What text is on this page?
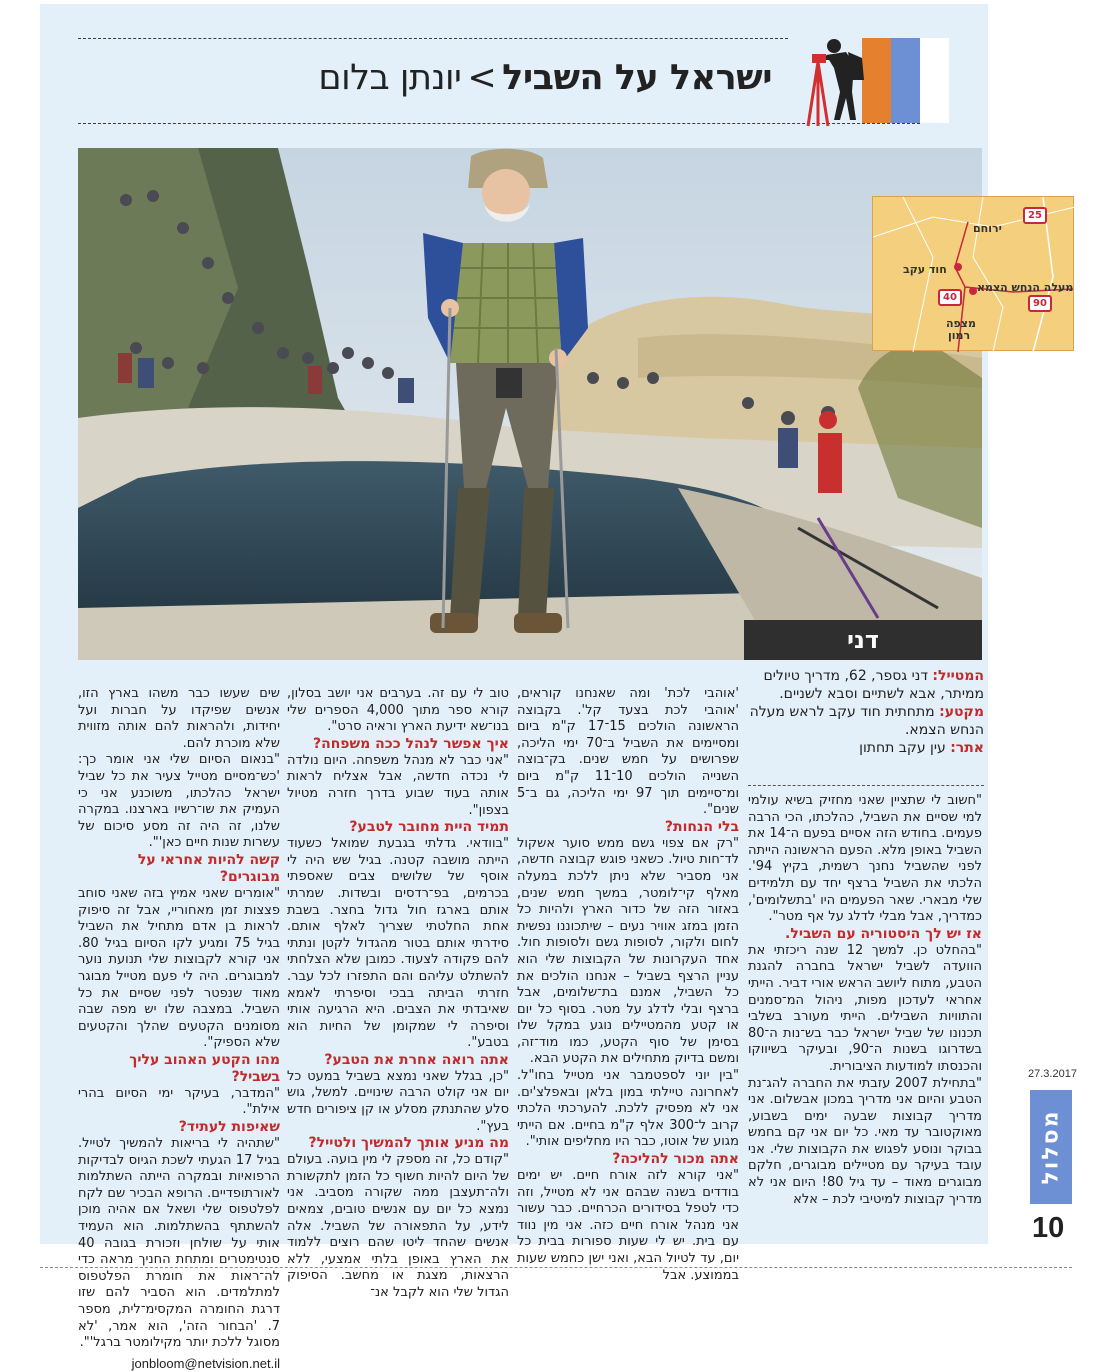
ישראל על השביל>יונתן בלום
25
ירוחם
חוד עקב
מעלה הנחש הצמא
40
90
מצפה
רמון
דני

המטייל: דני גספר, 62, מדריך טיולים ממיתר, אבא לשתיים וסבא לשניים.

מקטע: מתחתית חוד עקב לראש מעלה הנחש הצמא.

אתר: עין עקב תחתון

"חשוב לי שתציין שאני מחזיק בשיא עולמי למי שסיים את השביל, כהלכתו, הכי הרבה פעמים. בחודש הזה אסיים בפעם ה־14 את השביל באופן מלא. הפעם הראשונה הייתה לפני שהשביל נחנך רשמית, בקיץ 94'. הלכתי את השביל ברצף יחד עם תלמידים שלי מבארי. שאר הפעמים היו 'בתשלומים', כמדריך, אבל מבלי לדלג על אף מטר".

אז יש לך היסטוריה עם השביל.

"בהחלט כן. למשך 12 שנה ריכזתי את הוועדה לשביל ישראל בחברה להגנת הטבע, מתוח ליושב הראש אורי דביר. הייתי אחראי לעדכון מפות, ניהול המ־סמנים והתוויות השבילים. הייתי מעורב בשלבי תכנונו של שביל ישראל כבר בש־נות ה־80 בשדרוגו בשנות ה־90, ובעיקר בשיווקו והכנסתו למודעות הציבורית.

"בתחילת 2007 עזבתי את החברה להג־נת הטבע והיום אני מדריך במכון אבשלום. אני מדריך קבוצות שבעה ימים בשבוע, מאוקטובר עד מאי. כל יום אני קם בחמש בבוקר ונוסע לפגוש את הקבוצות שלי. אני עובד בעיקר עם מטיילים מבוגרים, חלקם מבוגרים מאוד – עד גיל 80! היום אני לא מדריך קבוצות למיטיבי לכת – אלא

'אוהבי לכת' ומה שאנחנו קוראים, 'אוהבי לכת בצעד קל'. בקבוצה הראשונה הולכים 15־17 ק"מ ביום ומסיימים את השביל ב־70 ימי הליכה, שפרושים על חמש שנים. בק־בוצה השנייה הולכים 10־11 ק"מ ביום ומ־סיימים תוך 97 ימי הליכה, גם ב־5 שנים".

בלי הנחות?

"רק אם צפוי גשם ממש סוער אשקול לד־חות טיול. כשאני פוגש קבוצה חדשה, אני מסביר שלא ניתן ללכת במעלה מאלף קי־לומטר, במשך חמש שנים, באזור הזה של כדור הארץ ולהיות כל הזמן במזג אוויר נעים – שיתכוננו נפשית לחום ולקור, לסופות גשם ולסופות חול. אחד העקרונות של הקבוצות שלי הוא עניין הרצף בשביל – אנחנו הולכים את כל השביל, אמנם בת־שלומים, אבל ברצף ובלי לדלג על מטר. בסוף כל יום או קטע מהמטיילים נוגע במקל שלו בסימן של סוף הקטע, כמו מוד־זה, ומשם בדיוק מתחילים את הקטע הבא.

"בין יוני לספטמבר אני מטייל בחו"ל. לאחרונה טיילתי במון בלאן ובאפלצ'ים. אני לא מפסיק ללכת. להערכתי הלכתי קרוב ל־300 אלף ק"מ בחיים. אם הייתי מגוע של אוטו, כבר היו מחליפים אותי".

אתה מכור להליכה?

"אני קורא לזה אורח חיים. יש ימים בודדים בשנה שבהם אני לא מטייל, וזה כדי לטפל בסידורים הכרחיים. כבר עשור אני מנהל אורח חיים כזה. אני מין נווד עם בית. יש לי שעות ספורות בבית כל יום, עד לטיול הבא, ואני ישן כחמש שעות בממוצע. אבל

טוב לי עם זה. בערבים אני יושב בסלון, קורא ספר מתוך 4,000 הספרים שלי בנו־שא ידיעת הארץ וראיה סרט".

איך אפשר לנהל ככה משפחה?

"אני כבר לא מנהל משפחה. היום נולדה לי נכדה חדשה, אבל אצליח לראות אותה בעוד שבוע בדרך חזרה מטיול בצפון".

תמיד היית מחובר לטבע?

"בוודאי. גדלתי בגבעת שמואל כשעוד הייתה מושבה קטנה. בגיל שש היה לי אוסף של שלושים צבים שאספתי בכרמים, בפ־רדסים ובשדות. שמרתי אותם בארגז חול גדול בחצר. בשבת אחת החלטתי שצריך לאלף אותם. סידרתי אותם בטור מהגדול לקטן ונתתי להם פקודה לצעוד. כמובן שלא הצלחתי להשתלט עליהם והם התפזרו לכל עבר. חזרתי הביתה בבכי וסיפרתי לאמא שאיבדתי את הצבים. היא הרגיעה אותי וסיפרה לי שמקומן של החיות הוא בטבע".

אתה רואה אחרת את הטבע?

"כן, בגלל שאני נמצא בשביל במעט כל יום אני קולט הרבה שינויים. למשל, גוש סלע שהתנתק מסלע או קן ציפורים חדש בעץ".

מה מניע אותך להמשיך ולטייל?

"קודם כל, זה מספק לי מין בועה. בעולם של היום להיות חשוף כל הזמן לתקשורת ולה־תעצבן ממה שקורה מסביב. אני נמצא כל יום עם אנשים טובים, צמאים לידע, על התפאורה של השביל. אלה אנשים שהחד ליטו שהם רוצים ללמוד את הארץ באופן בלתי אמצעי, ללא הרצאות, מצגת או מחשב. הסיפוק הגדול שלי הוא לקבל אנ־

שים שעשו כבר משהו בארץ הזו, אנשים שפיקדו על חברות ועל יחידות, ולהראות להם אותה מזווית שלא מוכרת להם.

"בנאום הסיום שלי אני אומר כך: 'כש־מסיים מטייל צעיר את כל שביל ישראל כהלכתו, משוכנע אני כי העמיק את שו־רשיו בארצנו. במקרה שלנו, זה היה זה מסע סיכום של עשרות שנות חיים כאן'".

קשה להיות אחראי על מבוגרים?

"אומרים שאני אמיץ בזה שאני סוחב פצצות זמן מאחוריי, אבל זה סיפוק לראות בן אדם מתחיל את השביל בגיל 75 ומגיע לקו הסיום בגיל 80. אני קורא לקבוצות שלי תנועת נוער למבוגרים. היה לי פעם מטייל מבוגר מאוד שנפטר לפני שסיים את כל השביל. במצבה שלו יש מפה שבה מסומנים הקטעים שהלך והקטעים שלא הספיק".

מהו הקטע האהוב עליך בשביל?

"המדבר, בעיקר ימי הסיום בהרי אילת".

שאיפות לעתיד?

"שתהיה לי בריאות להמשיך לטייל. בגיל 17 הגעתי לשכת הגיוס לבדיקות הרפואיות ובמקרה הייתה השתלמות לאורתופדיים. הרופא הבכיר שם לקח לפלטפוס שלי ושאל אם אהיה מוכן להשתתף בהשתלמות. הוא העמיד אותי על שולחן וזכורת בגובה 40 סנטימטרים ומתחת החניך מראה כדי לה־ראות את חומרת הפלטפוס למתלמדים. הוא הסביר להם שזו דרגת החומרה המקסימ־לית, מספר 7. 'הבחור הזה', הוא אמר, 'לא מסוגל ללכת יותר מקילומטר ברגל'".

jonbloom@netvision.net.il

27.3.2017
מסלול
10
